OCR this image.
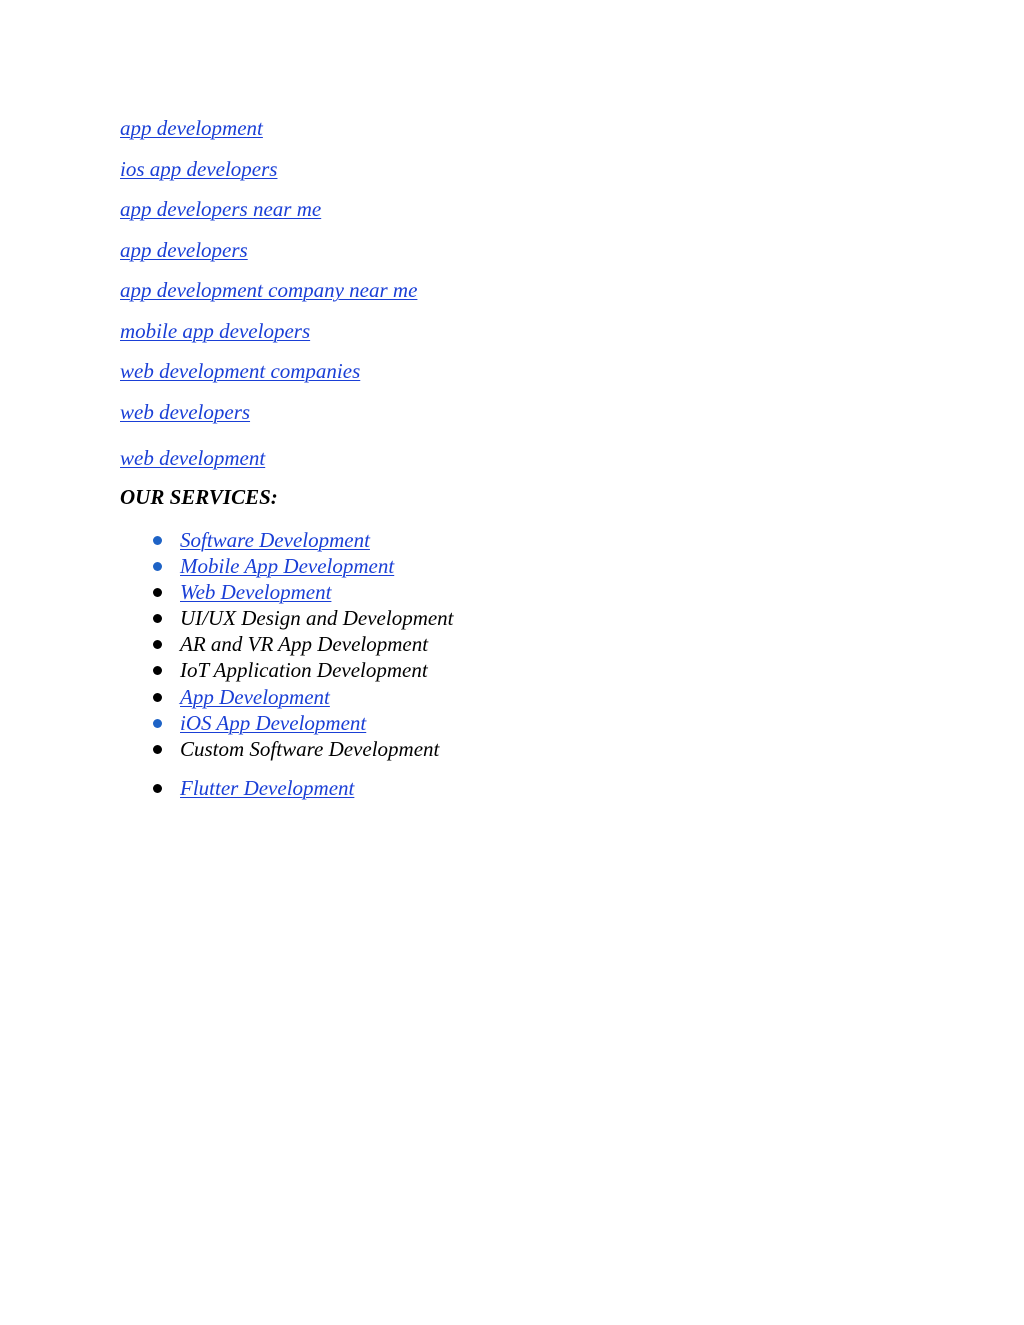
app development
ios app developers
app developers near me
app developers
app development company near me
mobile app developers
web development companies
web developers
web development
OUR SERVICES:
Software Development
Mobile App Development
Web Development
UI/UX Design and Development
AR and VR App Development
IoT Application Development
App Development
iOS App Development
Custom Software Development
Flutter Development
